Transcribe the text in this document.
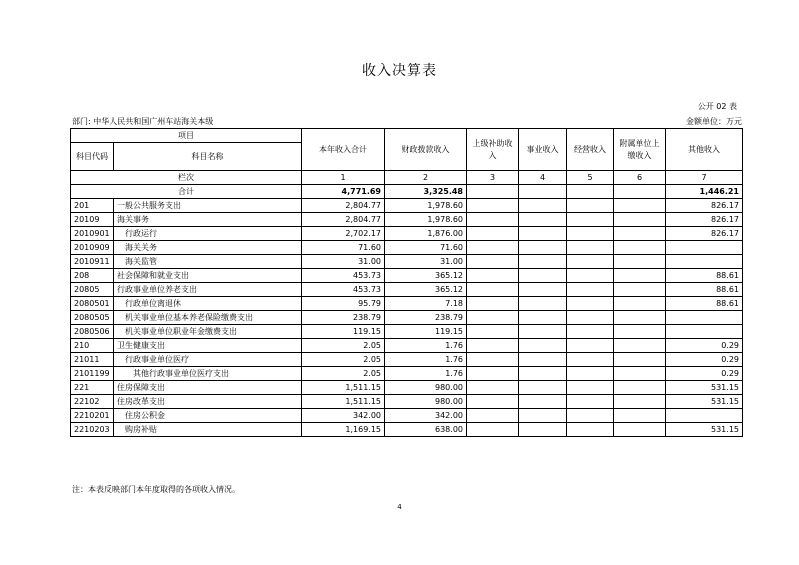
收入决算表
公开 02 表
部门: 中华人民共和国广州车站海关本级	金额单位：万元
项目		本年收入合计	财政拨款收入	上级补助收入	事业收入	经营收入	附属单位上缴收入	其他收入
科目代码	科目名称							

栏次		1	2	3	4	5	6	7
合计		4,771.69	3,325.48					1,446.21
201	一般公共服务支出	2,804.77	1,978.60					826.17
20109	海关事务	2,804.77	1,978.60					826.17
2010901	行政运行	2,702.17	1,876.00					826.17
2010909	海关关务	71.60	71.60					
2010911	海关监管	31.00	31.00					
208	社会保障和就业支出	453.73	365.12					88.61
20805	行政事业单位养老支出	453.73	365.12					88.61
2080501	行政单位离退休	95.79	7.18					88.61
2080505	机关事业单位基本养老保险缴费支出	238.79	238.79					
2080506	机关事业单位职业年金缴费支出	119.15	119.15					
210	卫生健康支出	2.05	1.76					0.29
21011	行政事业单位医疗	2.05	1.76					0.29
2101199	其他行政事业单位医疗支出	2.05	1.76					0.29
221	住房保障支出	1,511.15	980.00					531.15
22102	住房改革支出	1,511.15	980.00					531.15
2210201	住房公积金	342.00	342.00					
2210203	购房补贴	1,169.15	638.00					531.15
注：本表反映部门本年度取得的各项收入情况。
4
